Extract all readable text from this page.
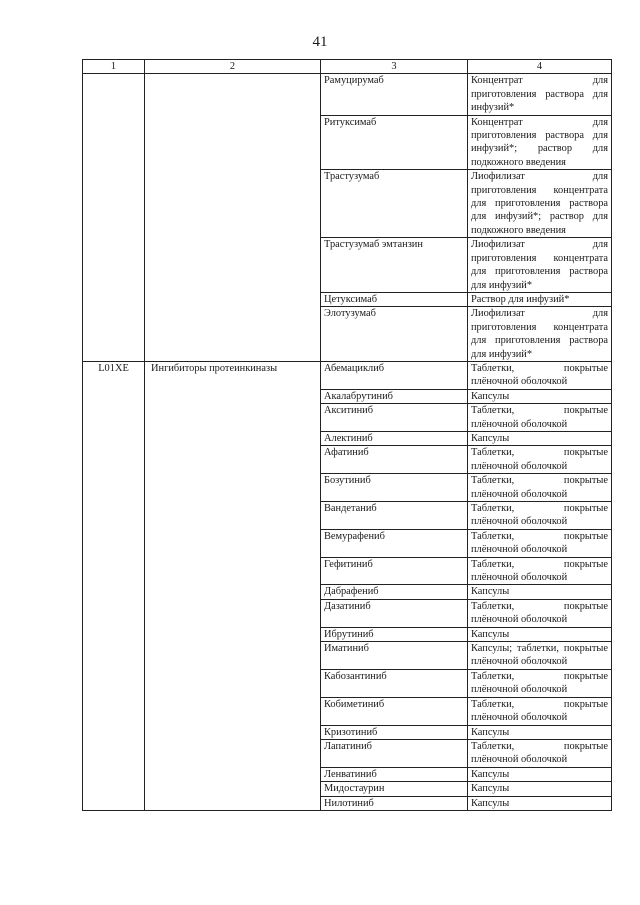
41
1	2	3	4
		Рамуцирумаб	Концентрат для приготовления раствора для инфузий*
		Ритуксимаб	Концентрат для приготовления раствора для инфузий*; раствор для подкожного введения
		Трастузумаб	Лиофилизат для приготовления концентрата для приготовления раствора для инфузий*; раствор для подкожного введения
		Трастузумаб эмтанзин	Лиофилизат для приготовления концентрата для приготовления раствора для инфузий*
		Цетуксимаб	Раствор для инфузий*
		Элотузумаб	Лиофилизат для приготовления концентрата для приготовления раствора для инфузий*
L01XE	Ингибиторы протеинкиназы	Абемациклиб	Таблетки, покрытые плёночной оболочкой
		Акалабрутиниб	Капсулы
		Акситиниб	Таблетки, покрытые плёночной оболочкой
		Алектиниб	Капсулы
		Афатиниб	Таблетки, покрытые плёночной оболочкой
		Бозутиниб	Таблетки, покрытые плёночной оболочкой
		Вандетаниб	Таблетки, покрытые плёночной оболочкой
		Вемурафениб	Таблетки, покрытые плёночной оболочкой
		Гефитиниб	Таблетки, покрытые плёночной оболочкой
		Дабрафениб	Капсулы
		Дазатиниб	Таблетки, покрытые плёночной оболочкой
		Ибрутиниб	Капсулы
		Иматиниб	Капсулы; таблетки, покрытые плёночной оболочкой
		Кабозантиниб	Таблетки, покрытые плёночной оболочкой
		Кобиметиниб	Таблетки, покрытые плёночной оболочкой
		Кризотиниб	Капсулы
		Лапатиниб	Таблетки, покрытые плёночной оболочкой
		Ленватиниб	Капсулы
		Мидостаурин	Капсулы
		Нилотиниб	Капсулы
